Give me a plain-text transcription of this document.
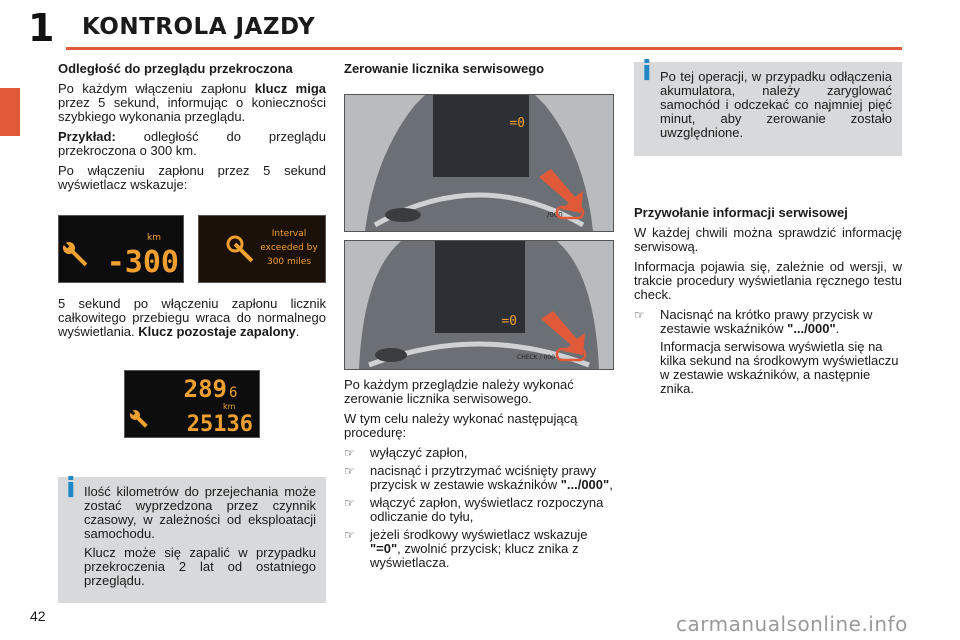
1 KONTROLA JAZDY

Odległość do przeglądu przekroczona

Po każdym włączeniu zapłonu klucz miga przez 5 sekund, informując o konieczności szybkiego wykonania przeglądu.

Przykład: odległość do przeglądu przekroczona o 300 km.

Po włączeniu zapłonu przez 5 sekund wyświetlacz wskazuje:

km
-300
Interval
exceeded by
300 miles

5 sekund po włączeniu zapłonu licznik całkowitego przebiegu wraca do normalnego wyświetlania. Klucz pozostaje zapalony.

289 6
km
25136
i Ilość kilometrów do przejechania może zostać wyprzedzona przez czynnik czasowy, w zależności od eksploatacji samochodu.

Klucz może się zapalić w przypadku przekroczenia 2 lat od ostatniego przeglądu.

Zerowanie licznika serwisowego

=0
/000
=0
CHECK / 000

Po każdym przeglądzie należy wykonać zerowanie licznika serwisowego.

W tym celu należy wykonać następującą procedurę:

☞ wyłączyć zapłon,
☞ nacisnąć i przytrzymać wciśnięty prawy przycisk w zestawie wskaźników ".../000",
☞ włączyć zapłon, wyświetlacz rozpoczyna odliczanie do tyłu,
☞ jeżeli środkowy wyświetlacz wskazuje "=0", zwolnić przycisk; klucz znika z wyświetlacza.
i Po tej operacji, w przypadku odłączenia akumulatora, należy zaryglować samochód i odczekać co najmniej pięć minut, aby zerowanie zostało uwzględnione.

Przywołanie informacji serwisowej

W każdej chwili można sprawdzić informację serwisową.

Informacja pojawia się, zależnie od wersji, w trakcie procedury wyświetlania ręcznego testu check.

☞ Nacisnąć na krótko prawy przycisk w zestawie wskaźników ".../000".
Informacja serwisowa wyświetla się na kilka sekund na środkowym wyświetlaczu w zestawie wskaźników, a następnie znika.
42	carmanualsonline.info
